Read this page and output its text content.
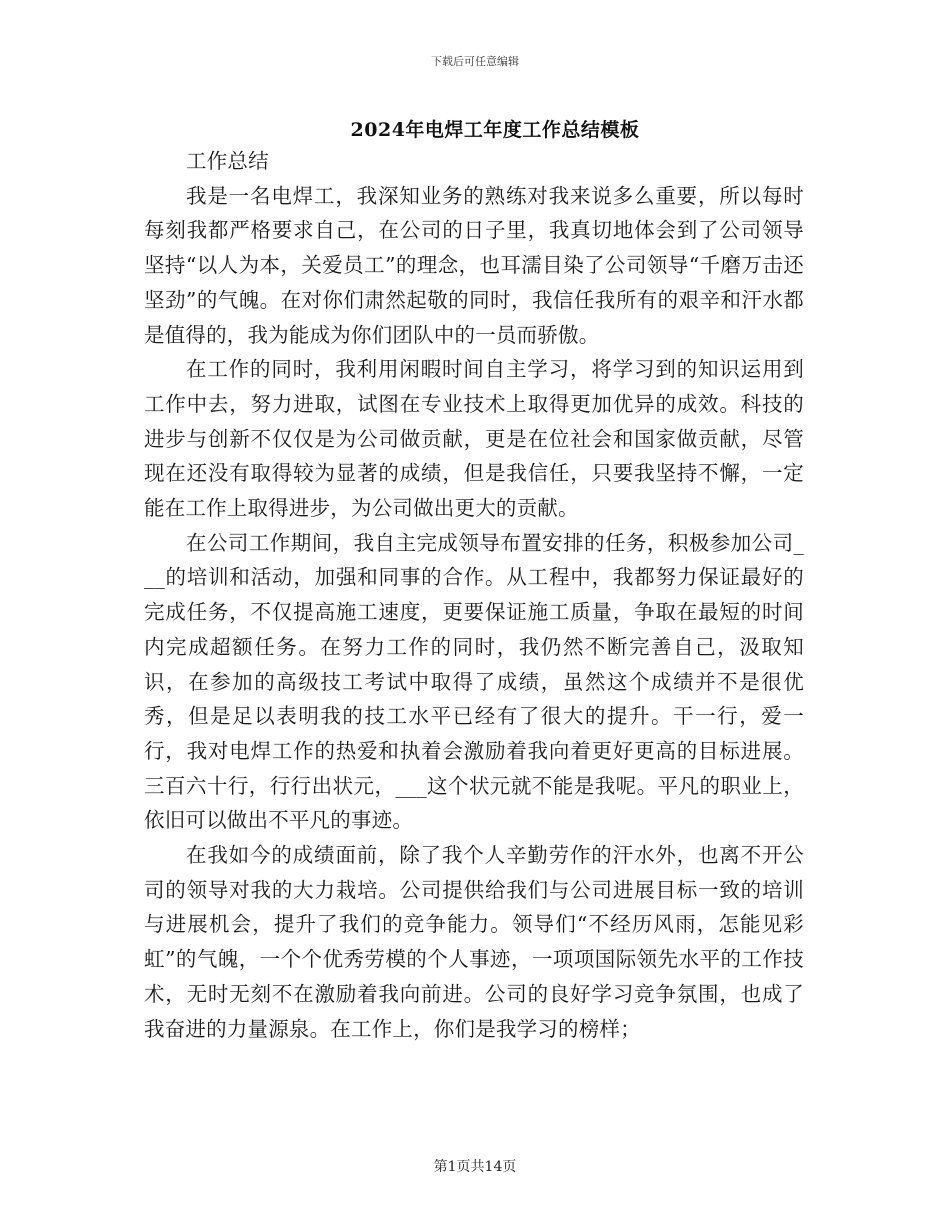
下载后可任意编辑
2024年电焊工年度工作总结模板

工作总结

我是一名电焊工，我深知业务的熟练对我来说多么重要，所以每时每刻我都严格要求自己，在公司的日子里，我真切地体会到了公司领导坚持“以人为本，关爱员工”的理念，也耳濡目染了公司领导“千磨万击还坚劲”的气魄。在对你们肃然起敬的同时，我信任我所有的艰辛和汗水都是值得的，我为能成为你们团队中的一员而骄傲。

在工作的同时，我利用闲暇时间自主学习，将学习到的知识运用到工作中去，努力进取，试图在专业技术上取得更加优异的成效。科技的进步与创新不仅仅是为公司做贡献，更是在位社会和国家做贡献，尽管现在还没有取得较为显著的成绩，但是我信任，只要我坚持不懈，一定能在工作上取得进步，为公司做出更大的贡献。

在公司工作期间，我自主完成领导布置安排的任务，积极参加公司___的培训和活动，加强和同事的合作。从工程中，我都努力保证最好的完成任务，不仅提高施工速度，更要保证施工质量，争取在最短的时间内完成超额任务。在努力工作的同时，我仍然不断完善自己，汲取知识，在参加的高级技工考试中取得了成绩，虽然这个成绩并不是很优秀，但是足以表明我的技工水平已经有了很大的提升。干一行，爱一行，我对电焊工作的热爱和执着会激励着我向着更好更高的目标进展。三百六十行，行行出状元，___这个状元就不能是我呢。平凡的职业上，依旧可以做出不平凡的事迹。

在我如今的成绩面前，除了我个人辛勤劳作的汗水外，也离不开公司的领导对我的大力栽培。公司提供给我们与公司进展目标一致的培训与进展机会，提升了我们的竞争能力。领导们“不经历风雨，怎能见彩虹”的气魄，一个个优秀劳模的个人事迹，一项项国际领先水平的工作技术，无时无刻不在激励着我向前进。公司的良好学习竞争氛围，也成了我奋进的力量源泉。在工作上，你们是我学习的榜样；

第1页共14页
